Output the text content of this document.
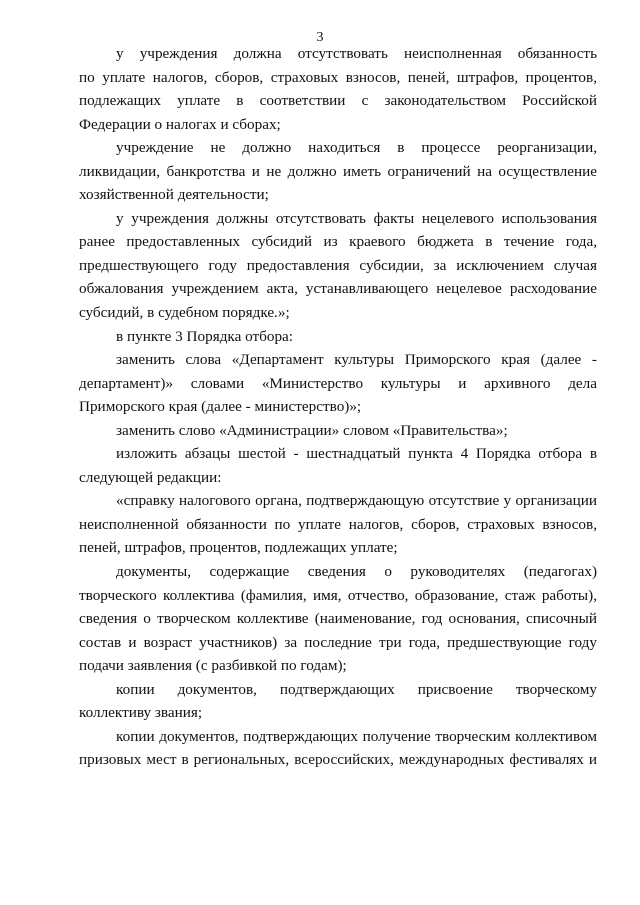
3
у учреждения должна отсутствовать неисполненная обязанность
по уплате налогов, сборов, страховых взносов, пеней, штрафов, процентов,
подлежащих уплате в соответствии с законодательством Российской
Федерации о налогах и сборах;
учреждение не должно находиться в процессе реорганизации,
ликвидации, банкротства и не должно иметь ограничений на осуществление
хозяйственной деятельности;
у учреждения должны отсутствовать факты нецелевого использования
ранее предоставленных субсидий из краевого бюджета в течение года,
предшествующего году предоставления субсидии, за исключением случая
обжалования учреждением акта, устанавливающего нецелевое расходование
субсидий, в судебном порядке.»;
в пункте 3 Порядка отбора:
заменить слова «Департамент культуры Приморского края (далее -
департамент)» словами «Министерство культуры и архивного дела
Приморского края (далее - министерство)»;
заменить слово «Администрации» словом «Правительства»;
изложить абзацы шестой - шестнадцатый пункта 4 Порядка отбора в
следующей редакции:
«справку налогового органа, подтверждающую отсутствие у организации
неисполненной обязанности по уплате налогов, сборов, страховых взносов,
пеней, штрафов, процентов, подлежащих уплате;
документы, содержащие сведения о руководителях (педагогах)
творческого коллектива (фамилия, имя, отчество, образование, стаж работы),
сведения о творческом коллективе (наименование, год основания, списочный
состав и возраст участников) за последние три года, предшествующие году
подачи заявления (с разбивкой по годам);
копии документов, подтверждающих присвоение творческому
коллективу звания;
копии документов, подтверждающих получение творческим коллективом
призовых мест в региональных, всероссийских, международных фестивалях и
